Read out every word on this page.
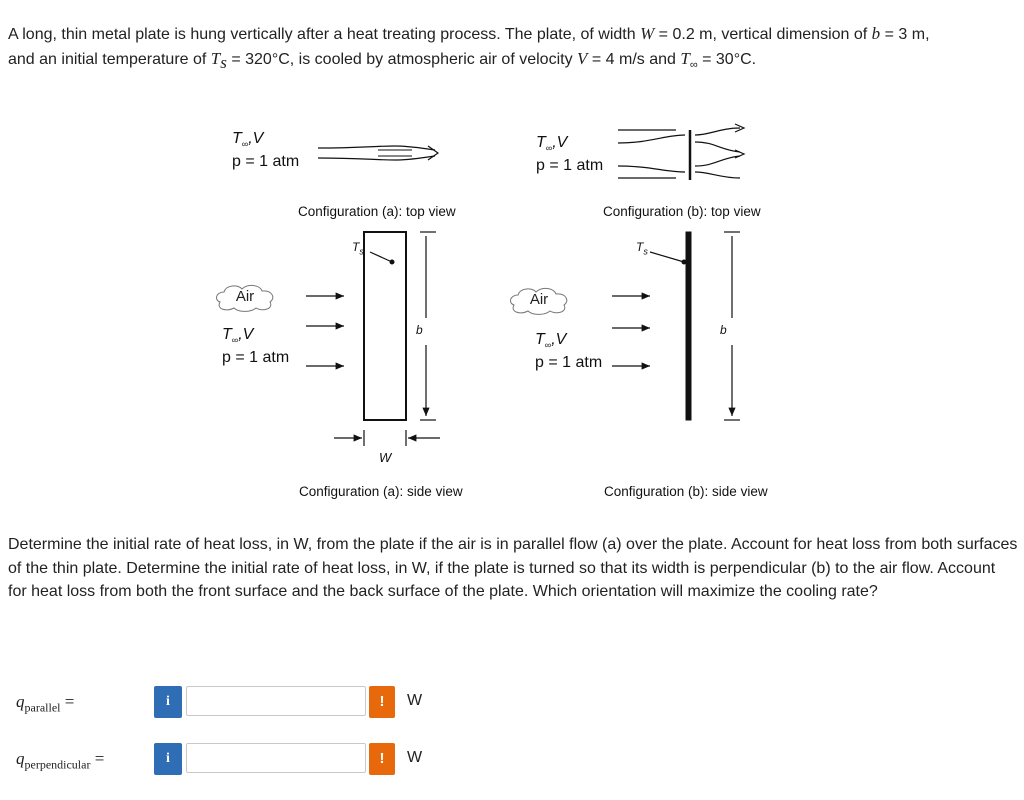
A long, thin metal plate is hung vertically after a heat treating process. The plate, of width W = 0.2 m, vertical dimension of b = 3 m,
and an initial temperature of $T_s = 320^\circ C$, is cooled by atmospheric air of velocity V = 4 m/s and $T_\infty = 30^\circ C$.
Air	Air
$T_\infty,V$
p = 1 atm
$T_\infty,V$
p = 1 atm
$T_\infty,V$
p = 1 atm
$T_\infty,V$
p = 1 atm
$T_s$	$T_s$
b	b
W
Configuration (a): top view	Configuration (b): top view
Configuration (a): side view	Configuration (b): side view
Determine the initial rate of heat loss, in W, from the plate if the air is in parallel flow (a) over the plate. Account for heat loss from both surfaces of the thin plate. Determine the initial rate of heat loss, in W, if the plate is turned so that its width is perpendicular (b) to the air flow. Account for heat loss from both the front surface and the back surface of the plate. Which orientation will maximize the cooling rate?
$q_{parallel}$ =	i	!	W
$q_{perpendicular}$ =	i	!	W
